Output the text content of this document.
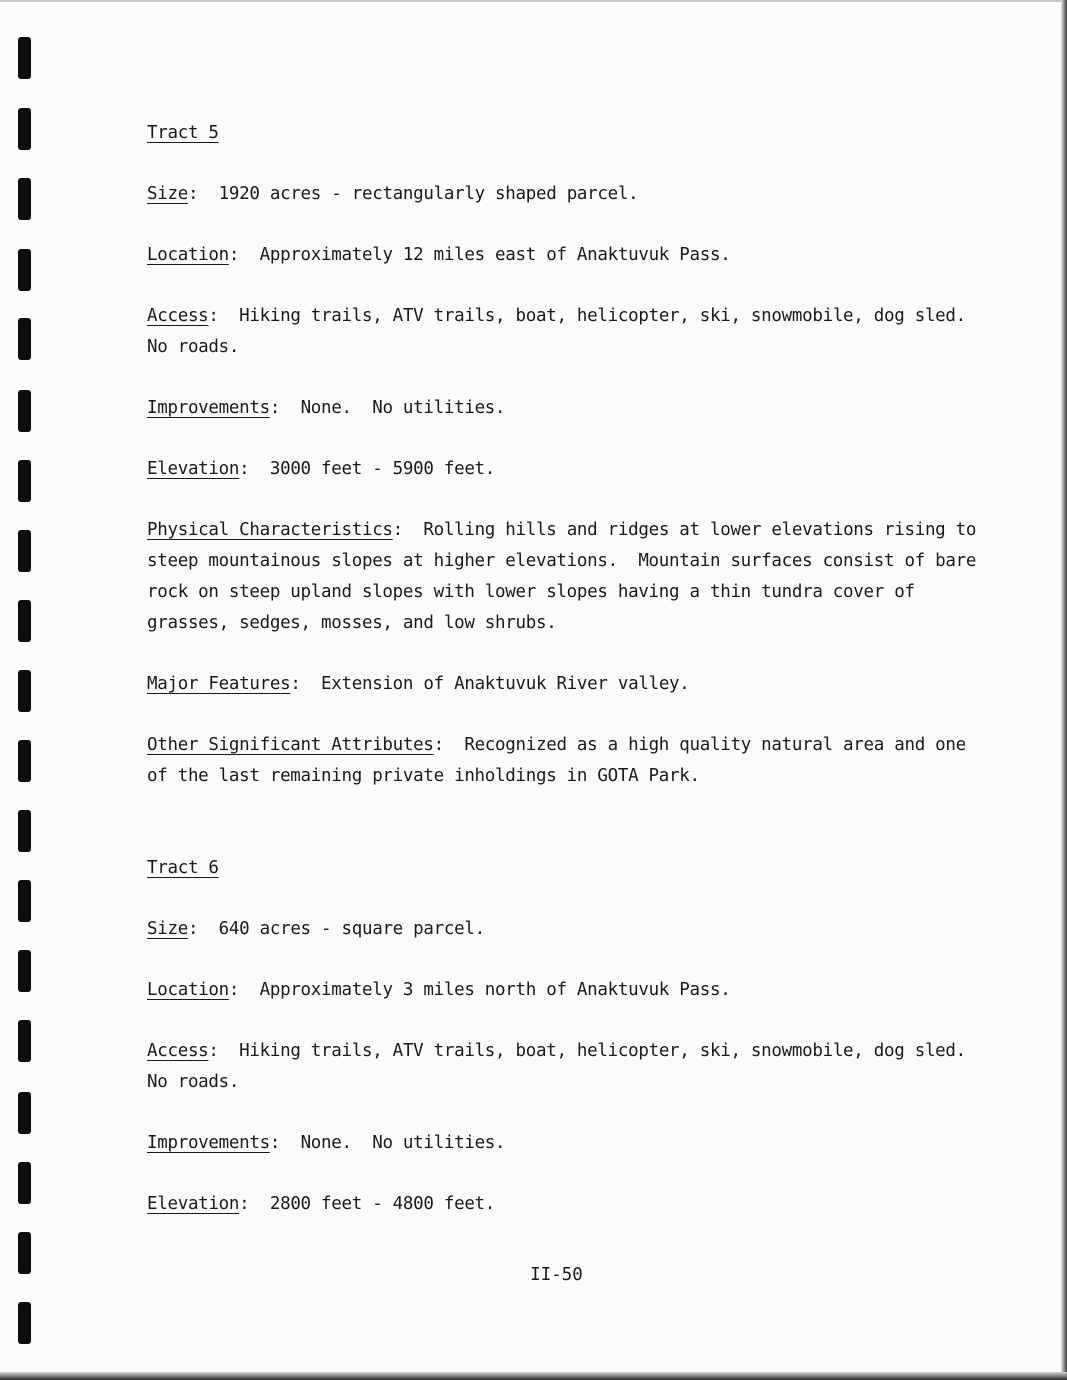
Tract 5

Size:  1920 acres - rectangularly shaped parcel.

Location:  Approximately 12 miles east of Anaktuvuk Pass.

Access:  Hiking trails, ATV trails, boat, helicopter, ski, snowmobile, dog sled.  No roads.

Improvements:  None.  No utilities.

Elevation:  3000 feet - 5900 feet.

Physical Characteristics:  Rolling hills and ridges at lower elevations rising to steep mountainous slopes at higher elevations.  Mountain surfaces consist of bare rock on steep upland slopes with lower slopes having a thin tundra cover of grasses, sedges, mosses, and low shrubs.

Major Features:  Extension of Anaktuvuk River valley.

Other Significant Attributes:  Recognized as a high quality natural area and one of the last remaining private inholdings in GOTA Park.

Tract 6

Size:  640 acres - square parcel.

Location:  Approximately 3 miles north of Anaktuvuk Pass.

Access:  Hiking trails, ATV trails, boat, helicopter, ski, snowmobile, dog sled.  No roads.

Improvements:  None.  No utilities.

Elevation:  2800 feet - 4800 feet.

II-50
